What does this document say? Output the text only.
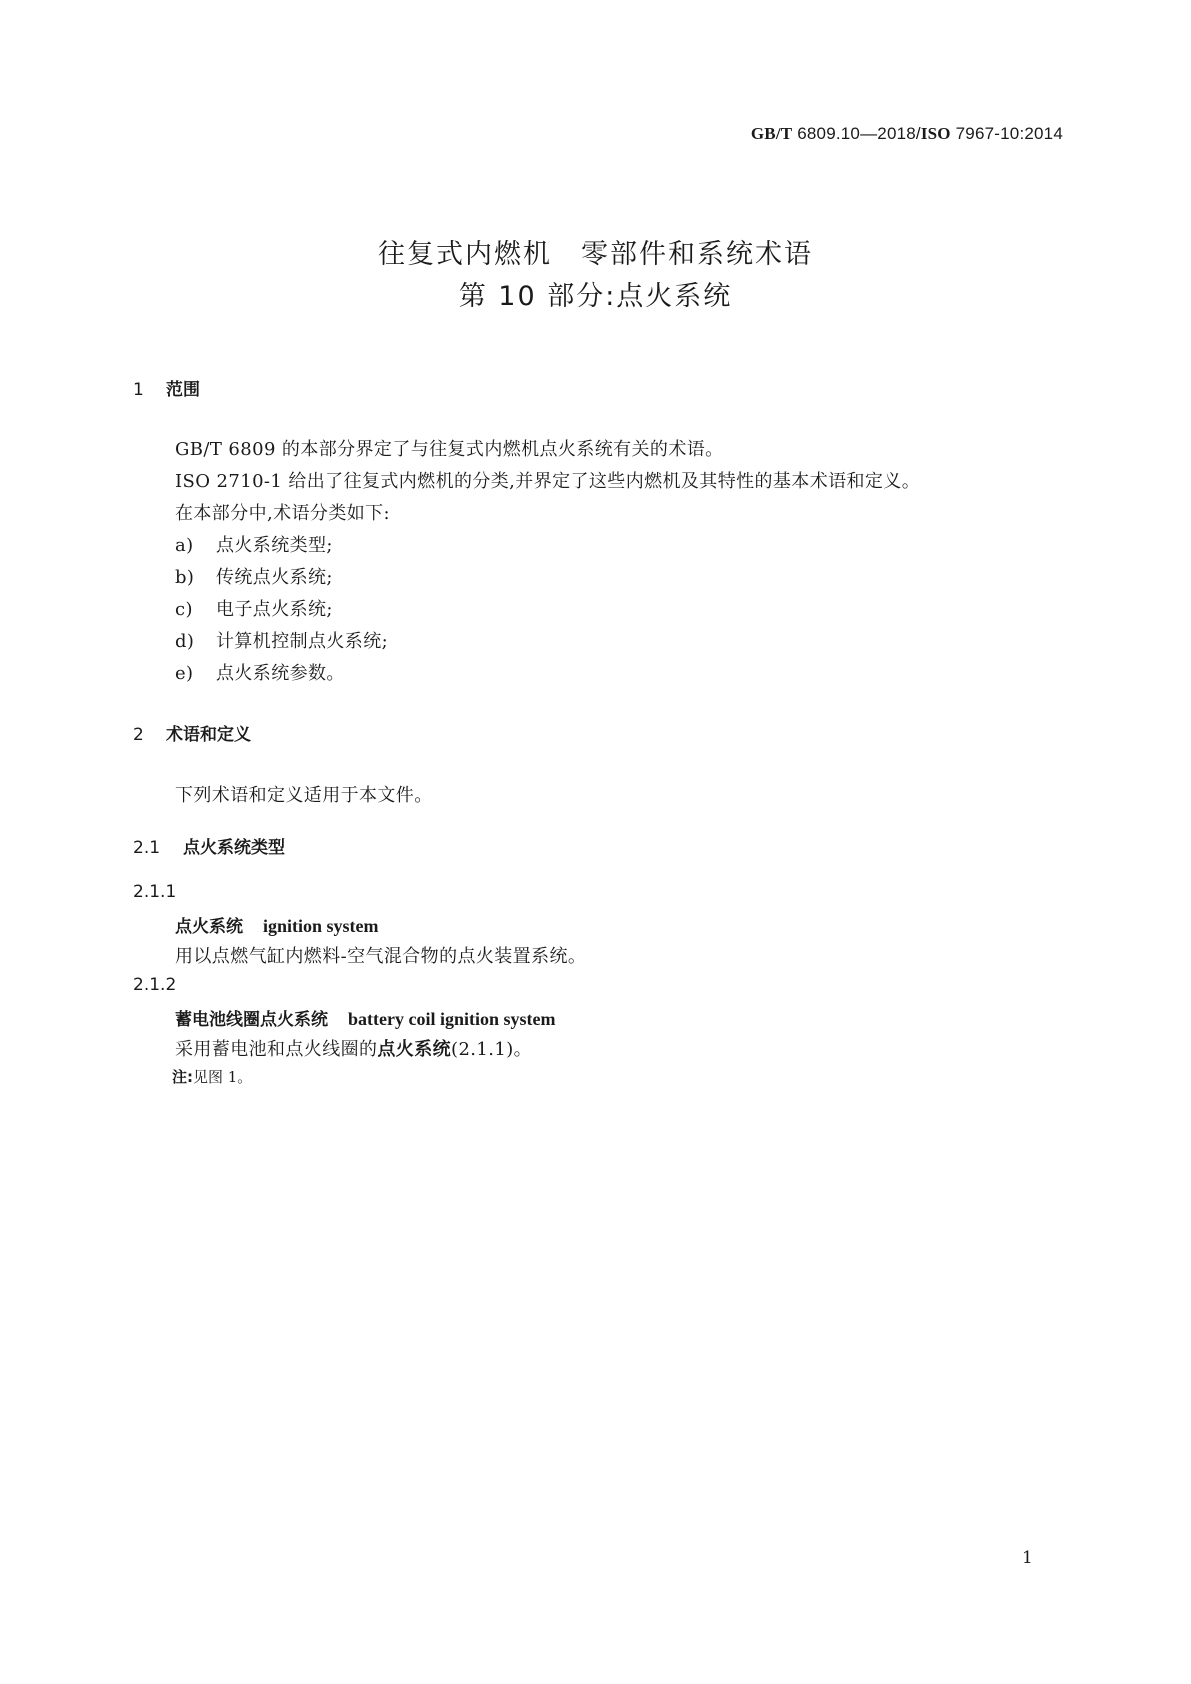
GB/T 6809.10—2018/ISO 7967-10:2014
往复式内燃机　零部件和系统术语
第 10 部分:点火系统
1 范围
GB/T 6809 的本部分界定了与往复式内燃机点火系统有关的术语。
ISO 2710-1 给出了往复式内燃机的分类,并界定了这些内燃机及其特性的基本术语和定义。
在本部分中,术语分类如下:
a) 点火系统类型;
b) 传统点火系统;
c) 电子点火系统;
d) 计算机控制点火系统;
e) 点火系统参数。
2 术语和定义
下列术语和定义适用于本文件。
2.1 点火系统类型
2.1.1
点火系统 ignition system
用以点燃气缸内燃料-空气混合物的点火装置系统。
2.1.2
蓄电池线圈点火系统 battery coil ignition system
采用蓄电池和点火线圈的点火系统(2.1.1)。
注:见图 1。
1
